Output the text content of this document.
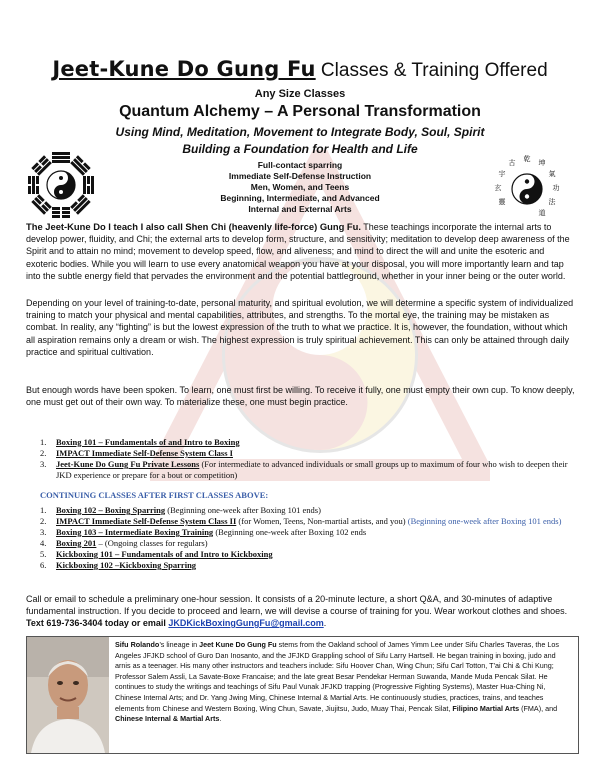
Jeet-Kune Do Gung Fu Classes & Training Offered
Any Size Classes
Quantum Alchemy – A Personal Transformation
Using Mind, Meditation, Movement to Integrate Body, Soul, Spirit
Building a Foundation for Health and Life
乾 坤
氣
功
法
道
古
宇
玄
靈
Full-contact sparring
Immediate Self-Defense Instruction
Men, Women, and Teens
Beginning, Intermediate, and Advanced
Internal and External Arts
The Jeet-Kune Do I teach I also call Shen Chi (heavenly life-force) Gung Fu. These teachings incorporate the internal arts to develop power, fluidity, and Chi; the external arts to develop form, structure, and sensitivity; meditation to develop deep awareness of the Spirit and to attain no mind; movement to develop speed, flow, and aliveness; and mind to direct the will and unite the esoteric and exoteric bodies. While you will learn to use every anatomical weapon you have at your disposal, you will more importantly learn and tap into the subtle energy field that pervades the environment and the potential battleground, whether in your inner being or the outer world.
Depending on your level of training-to-date, personal maturity, and spiritual evolution, we will determine a specific system of individualized training to match your physical and mental capabilities, attributes, and strengths. To the mortal eye, the training may be mistaken as combat. In reality, any “fighting” is but the lowest expression of the truth to what we practice. It is, however, the foundation, without which all aspiration remains only a dream or wish. The highest expression is truly spiritual achievement. This can only be attained through daily practice and spiritual cultivation.
But enough words have been spoken. To learn, one must first be willing. To receive it fully, one must empty their own cup. To know deeply, one must get out of their own way. To materialize these, one must begin practice.
1. Boxing 101 – Fundamentals of and Intro to Boxing
2. IMPACT Immediate Self-Defense System Class I
3. Jeet-Kune Do Gung Fu Private Lessons (For intermediate to advanced individuals or small groups up to maximum of four who wish to deepen their JKD experience or prepare for a bout or competition)
CONTINUING CLASSES AFTER FIRST CLASSES ABOVE:
1. Boxing 102 – Boxing Sparring (Beginning one-week after Boxing 101 ends)
2. IMPACT Immediate Self-Defense System Class II (for Women, Teens, Non-martial artists, and you) (Beginning one-week after Boxing 101 ends)
3. Boxing 103 – Intermediate Boxing Training (Beginning one-week after Boxing 102 ends
4. Boxing 201 – (Ongoing classes for regulars)
5. Kickboxing 101 – Fundamentals of and Intro to Kickboxing
6. Kickboxing 102 –Kickboxing Sparring
Call or email to schedule a preliminary one-hour session. It consists of a 20-minute lecture, a short Q&A, and 30-minutes of adaptive fundamental instruction. If you decide to proceed and learn, we will devise a course of training for you. Wear workout clothes and shoes. Text 619-736-3404 today or email JKDKickBoxingGungFu@gmail.com.
Sifu Rolando’s lineage in Jeet Kune Do Gung Fu stems from the Oakland school of James Yimm Lee under Sifu Charles Taveras, the Los Angeles JFJKD school of Guro Dan Inosanto, and the JFJKD Grappling school of Sifu Larry Hartsell. He began training in boxing, judo and arnis as a teenager. His many other instructors and teachers include: Sifu Hoover Chan, Wing Chun; Sifu Carl Totton, T’ai Chi & Chi Kung; Professor Salem Assli, La Savate-Boxe Francaise; and the late great Besar Pendekar Herman Suwanda, Mande Muda Pencak Silat. He continues to study the writings and teachings of Sifu Paul Vunak JFJKD trapping (Progressive Fighting Systems), Master Hua-Ching Ni, Chinese Internal Arts; and Dr. Yang Jwing Ming, Chinese Internal & Martial Arts. He continuously studies, practices, trains, and teaches elements from Chinese and Western Boxing, Wing Chun, Savate, Jiujitsu, Judo, Muay Thai, Pencak Silat, Filipino Martial Arts (FMA), and Chinese Internal & Martial Arts.
